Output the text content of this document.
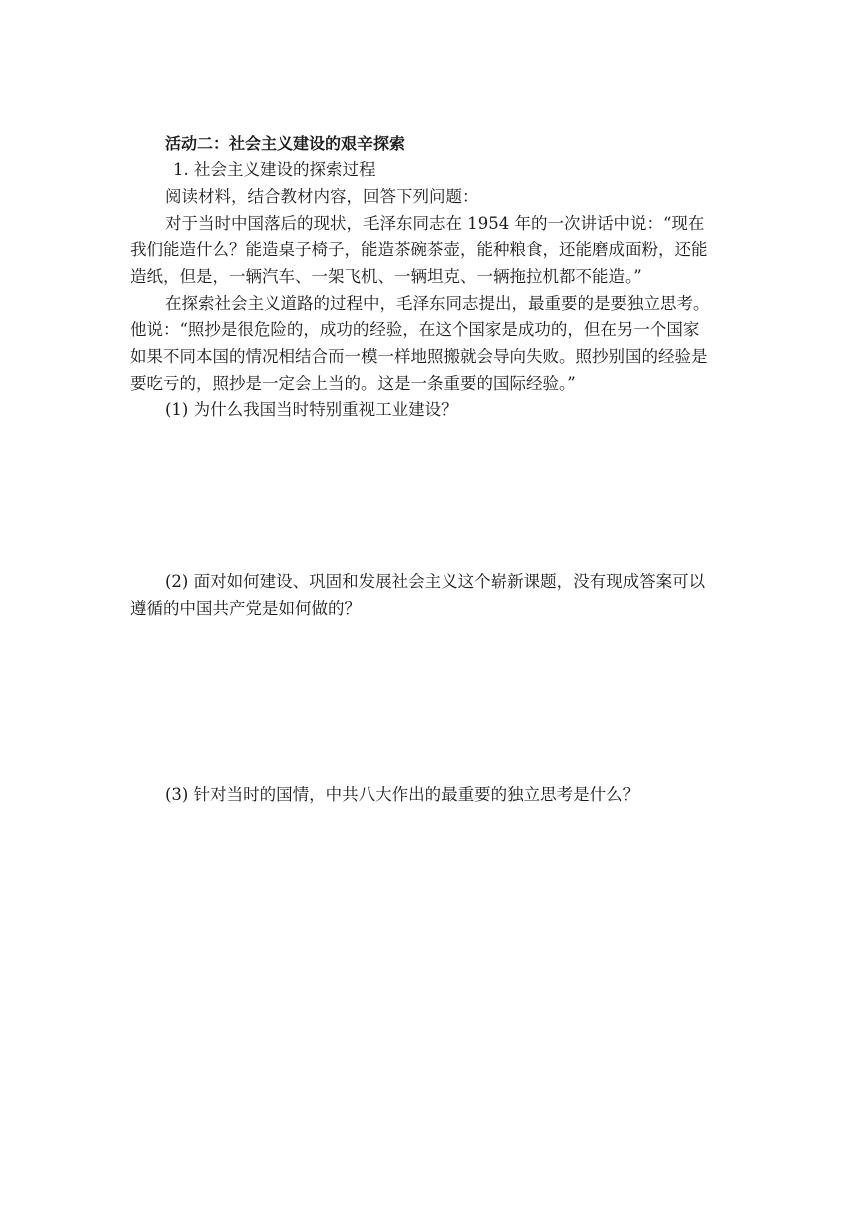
活动二：社会主义建设的艰辛探索
1. 社会主义建设的探索过程
阅读材料，结合教材内容，回答下列问题：
对于当时中国落后的现状，毛泽东同志在 1954 年的一次讲话中说：“现在
我们能造什么？能造桌子椅子，能造茶碗茶壶，能种粮食，还能磨成面粉，还能
造纸，但是，一辆汽车、一架飞机、一辆坦克、一辆拖拉机都不能造。”
在探索社会主义道路的过程中，毛泽东同志提出，最重要的是要独立思考。
他说：“照抄是很危险的，成功的经验，在这个国家是成功的，但在另一个国家
如果不同本国的情况相结合而一模一样地照搬就会导向失败。照抄别国的经验是
要吃亏的，照抄是一定会上当的。这是一条重要的国际经验。”
(1) 为什么我国当时特别重视工业建设？
(2) 面对如何建设、巩固和发展社会主义这个崭新课题，没有现成答案可以
遵循的中国共产党是如何做的？
(3) 针对当时的国情，中共八大作出的最重要的独立思考是什么？
